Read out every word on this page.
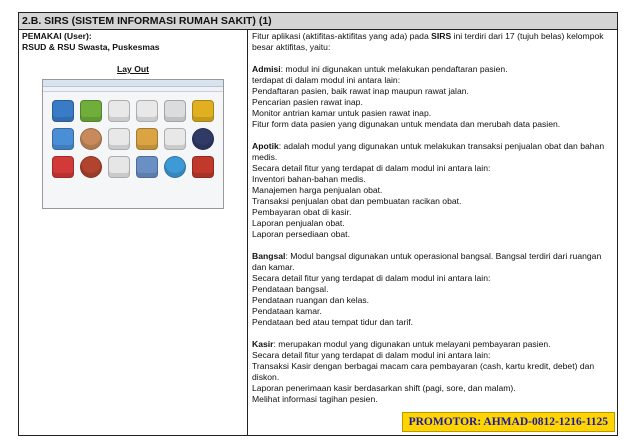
2.B. SIRS (SISTEM INFORMASI RUMAH SAKIT) (1)
PEMAKAI (User):
RSUD & RSU Swasta, Puskesmas
Lay Out

Fitur aplikasi (aktifitas-aktifitas yang ada) pada SIRS ini terdiri dari 17 (tujuh belas) kelompok besar aktifitas, yaitu:

Admisi: modul ini digunakan untuk melakukan pendaftaran pasien.

terdapat di dalam modul ini antara lain:

Pendaftaran pasien, baik rawat inap maupun rawat jalan.

Pencarian pasien rawat inap.

Monitor antrian kamar untuk pasien rawat inap.

Fitur form data pasien yang digunakan untuk mendata dan merubah data pasien.

Apotik: adalah modul yang digunakan untuk melakukan transaksi penjualan obat dan bahan medis.

Secara detail fitur yang terdapat di dalam modul ini antara lain:

Inventori bahan-bahan medis.

Manajemen harga penjualan obat.

Transaksi penjualan obat dan pembuatan racikan obat.

Pembayaran obat di kasir.

Laporan penjualan obat.

Laporan persediaan obat.

Bangsal: Modul bangsal digunakan untuk operasional bangsal. Bangsal terdiri dari ruangan dan kamar.

Secara detail fitur yang terdapat di dalam modul ini antara lain:

Pendataan bangsal.

Pendataan ruangan dan kelas.

Pendataan kamar.

Pendataan bed atau tempat tidur dan tarif.

Kasir: merupakan modul yang digunakan untuk melayani pembayaran pasien.

Secara detail fitur yang terdapat di dalam modul ini antara lain:

Transaksi Kasir dengan berbagai macam cara pembayaran (cash, kartu kredit, debet) dan diskon.

Laporan penerimaan kasir berdasarkan shift (pagi, sore, dan malam).

Melihat informasi tagihan pesien.

PROMOTOR: AHMAD-0812-1216-1125
